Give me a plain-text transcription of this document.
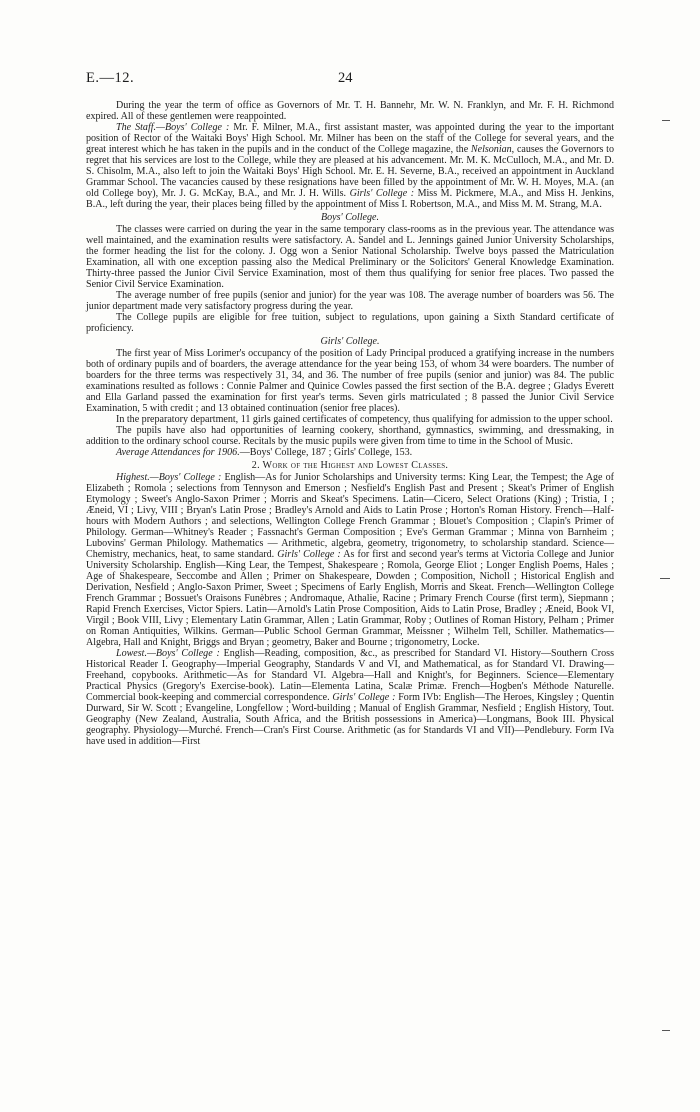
E.—12.	24

During the year the term of office as Governors of Mr. T. H. Bannehr, Mr. W. N. Franklyn, and Mr. F. H. Richmond expired. All of these gentlemen were reappointed.

The Staff.—Boys' College : Mr. F. Milner, M.A., first assistant master, was appointed during the year to the important position of Rector of the Waitaki Boys' High School. Mr. Milner has been on the staff of the College for several years, and the great interest which he has taken in the pupils and in the conduct of the College magazine, the Nelsonian, causes the Governors to regret that his services are lost to the College, while they are pleased at his advancement. Mr. M. K. McCulloch, M.A., and Mr. D. S. Chisolm, M.A., also left to join the Waitaki Boys' High School. Mr. E. H. Severne, B.A., received an appointment in Auckland Grammar School. The vacancies caused by these resignations have been filled by the appointment of Mr. W. H. Moyes, M.A. (an old College boy), Mr. J. G. McKay, B.A., and Mr. J. H. Wills. Girls' College : Miss M. Pickmere, M.A., and Miss H. Jenkins, B.A., left during the year, their places being filled by the appointment of Miss I. Robertson, M.A., and Miss M. M. Strang, M.A.

Boys' College.

The classes were carried on during the year in the same temporary class-rooms as in the previous year. The attendance was well maintained, and the examination results were satisfactory. A. Sandel and L. Jennings gained Junior University Scholarships, the former heading the list for the colony. J. Ogg won a Senior National Scholarship. Twelve boys passed the Matriculation Examination, all with one exception passing also the Medical Preliminary or the Solicitors' General Knowledge Examination. Thirty-three passed the Junior Civil Service Examination, most of them thus qualifying for senior free places. Two passed the Senior Civil Service Examination.

The average number of free pupils (senior and junior) for the year was 108. The average number of boarders was 56. The junior department made very satisfactory progress during the year.

The College pupils are eligible for free tuition, subject to regulations, upon gaining a Sixth Standard certificate of proficiency.

Girls' College.

The first year of Miss Lorimer's occupancy of the position of Lady Principal produced a gratifying increase in the numbers both of ordinary pupils and of boarders, the average attendance for the year being 153, of whom 34 were boarders. The number of boarders for the three terms was respectively 31, 34, and 36. The number of free pupils (senior and junior) was 84. The public examinations resulted as follows : Connie Palmer and Quinice Cowles passed the first section of the B.A. degree ; Gladys Everett and Ella Garland passed the examination for first year's terms. Seven girls matriculated ; 8 passed the Junior Civil Service Examination, 5 with credit ; and 13 obtained continuation (senior free places).

In the preparatory department, 11 girls gained certificates of competency, thus qualifying for admission to the upper school.

The pupils have also had opportunities of learning cookery, shorthand, gymnastics, swimming, and dressmaking, in addition to the ordinary school course. Recitals by the music pupils were given from time to time in the School of Music.

Average Attendances for 1906.—Boys' College, 187 ; Girls' College, 153.

2. Work of the Highest and Lowest Classes.

Highest.—Boys' College : English—As for Junior Scholarships and University terms: King Lear, the Tempest; the Age of Elizabeth ; Romola ; selections from Tennyson and Emerson ; Nesfield's English Past and Present ; Skeat's Primer of English Etymology ; Sweet's Anglo-Saxon Primer ; Morris and Skeat's Specimens. Latin—Cicero, Select Orations (King) ; Tristia, I ; Æneid, VI ; Livy, VIII ; Bryan's Latin Prose ; Bradley's Arnold and Aids to Latin Prose ; Horton's Roman History. French—Half-hours with Modern Authors ; and selections, Wellington College French Grammar ; Blouet's Composition ; Clapin's Primer of Philology. German—Whitney's Reader ; Fassnacht's German Composition ; Eve's German Grammar ; Minna von Barnheim ; Lubovins' German Philology. Mathematics — Arithmetic, algebra, geometry, trigonometry, to scholarship standard. Science—Chemistry, mechanics, heat, to same standard. Girls' College : As for first and second year's terms at Victoria College and Junior University Scholarship. English—King Lear, the Tempest, Shakespeare ; Romola, George Eliot ; Longer English Poems, Hales ; Age of Shakespeare, Seccombe and Allen ; Primer on Shakespeare, Dowden ; Composition, Nicholl ; Historical English and Derivation, Nesfield ; Anglo-Saxon Primer, Sweet ; Specimens of Early English, Morris and Skeat. French—Wellington College French Grammar ; Bossuet's Oraisons Funèbres ; Andromaque, Athalie, Racine ; Primary French Course (first term), Siepmann ; Rapid French Exercises, Victor Spiers. Latin—Arnold's Latin Prose Composition, Aids to Latin Prose, Bradley ; Æneid, Book VI, Virgil ; Book VIII, Livy ; Elementary Latin Grammar, Allen ; Latin Grammar, Roby ; Outlines of Roman History, Pelham ; Primer on Roman Antiquities, Wilkins. German—Public School German Grammar, Meissner ; Wilhelm Tell, Schiller. Mathematics—Algebra, Hall and Knight, Briggs and Bryan ; geometry, Baker and Bourne ; trigonometry, Locke.

Lowest.—Boys' College : English—Reading, composition, &c., as prescribed for Standard VI. History—Southern Cross Historical Reader I. Geography—Imperial Geography, Standards V and VI, and Mathematical, as for Standard VI. Drawing—Freehand, copybooks. Arithmetic—As for Standard VI. Algebra—Hall and Knight's, for Beginners. Science—Elementary Practical Physics (Gregory's Exercise-book). Latin—Elementa Latina, Scalæ Primæ. French—Hogben's Méthode Naturelle. Commercial book-keeping and commercial correspondence. Girls' College : Form IVb: English—The Heroes, Kingsley ; Quentin Durward, Sir W. Scott ; Evangeline, Longfellow ; Word-building ; Manual of English Grammar, Nesfield ; English History, Tout. Geography (New Zealand, Australia, South Africa, and the British possessions in America)—Longmans, Book III. Physical geography. Physiology—Murché. French—Cran's First Course. Arithmetic (as for Standards VI and VII)—Pendlebury. Form IVa have used in addition—First
